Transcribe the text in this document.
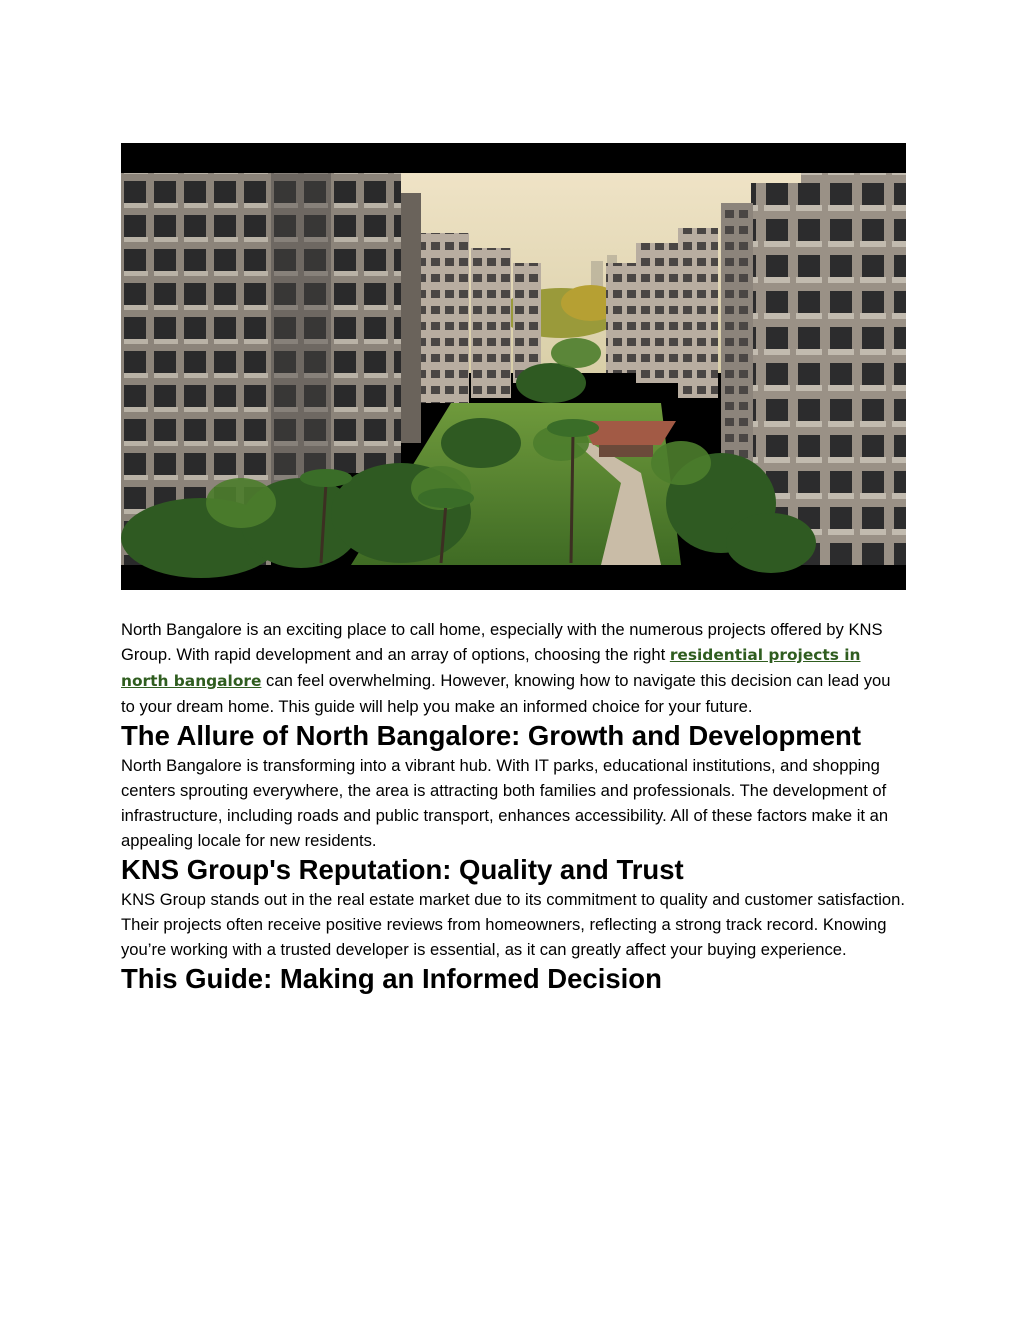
North Bangalore is an exciting place to call home, especially with the numerous projects offered by KNS Group. With rapid development and an array of options, choosing the right residential projects in north bangalore can feel overwhelming. However, knowing how to navigate this decision can lead you to your dream home. This guide will help you make an informed choice for your future.

The Allure of North Bangalore: Growth and Development

North Bangalore is transforming into a vibrant hub. With IT parks, educational institutions, and shopping centers sprouting everywhere, the area is attracting both families and professionals. The development of infrastructure, including roads and public transport, enhances accessibility. All of these factors make it an appealing locale for new residents.

KNS Group's Reputation: Quality and Trust

KNS Group stands out in the real estate market due to its commitment to quality and customer satisfaction. Their projects often receive positive reviews from homeowners, reflecting a strong track record. Knowing you’re working with a trusted developer is essential, as it can greatly affect your buying experience.

This Guide: Making an Informed Decision
